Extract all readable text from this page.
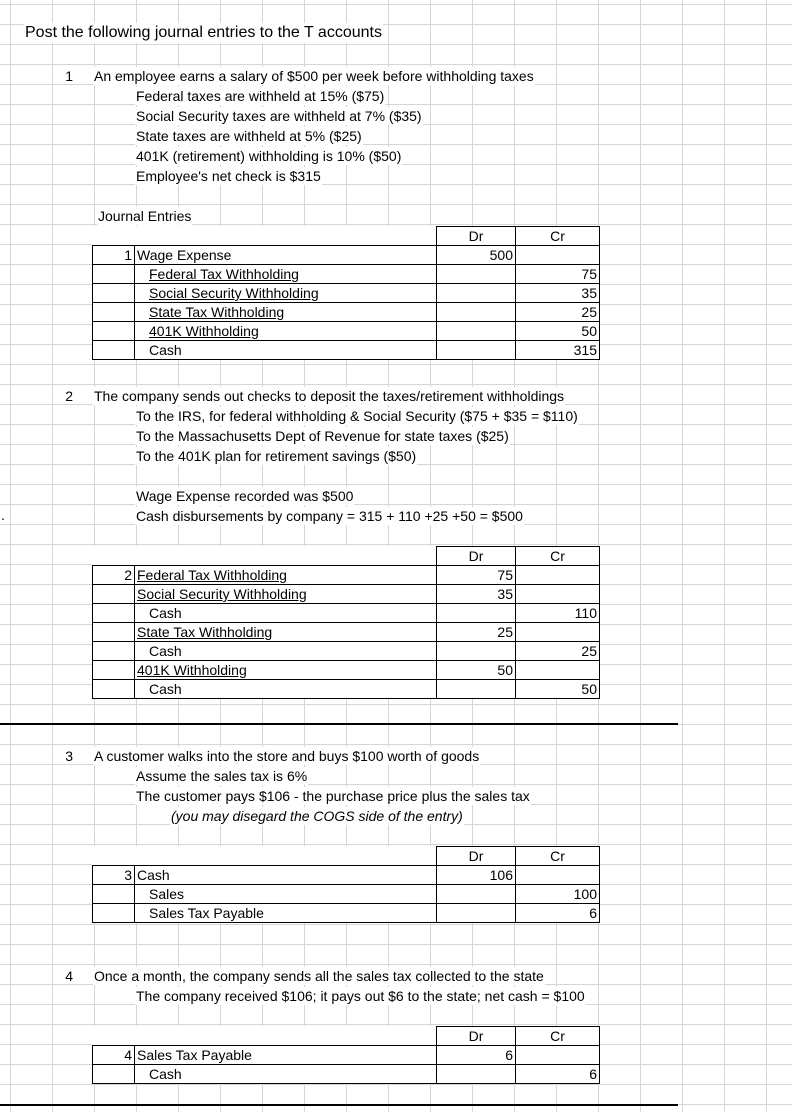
Post the following journal entries to the T accounts
1 An employee earns a salary of $500 per week before withholding taxes
Federal taxes are withheld at 15% ($75)
Social Security taxes are withheld at 7% ($35)
State taxes are withheld at 5% ($25)
401K (retirement) withholding is 10% ($50)
Employee's net check is $315
Journal Entries
		Dr	Cr
1	Wage Expense	500	
	Federal Tax Withholding		75
	Social Security Withholding		35
	State Tax Withholding		25
	401K Withholding		50
	Cash		315
2 The company sends out checks to deposit the taxes/retirement withholdings
To the IRS, for federal withholding & Social Security ($75 + $35 = $110)
To the Massachusetts Dept of Revenue for state taxes ($25)
To the 401K plan for retirement savings ($50)
Wage Expense recorded was $500
Cash disbursements by company = 315 + 110 +25 +50 = $500
.
		Dr	Cr
2	Federal Tax Withholding	75	
	Social Security Withholding	35	
	Cash		110
	State Tax Withholding	25	
	Cash		25
	401K Withholding	50	
	Cash		50
3 A customer walks into the store and buys $100 worth of goods
Assume the sales tax is 6%
The customer pays $106 - the purchase price plus the sales tax
(you may disegard the COGS side of the entry)
		Dr	Cr
3	Cash	106	
	Sales		100
	Sales Tax Payable		6
4 Once a month, the company sends all the sales tax collected to the state
The company received $106; it pays out $6 to the state; net cash = $100
		Dr	Cr
4	Sales Tax Payable	6	
	Cash		6
